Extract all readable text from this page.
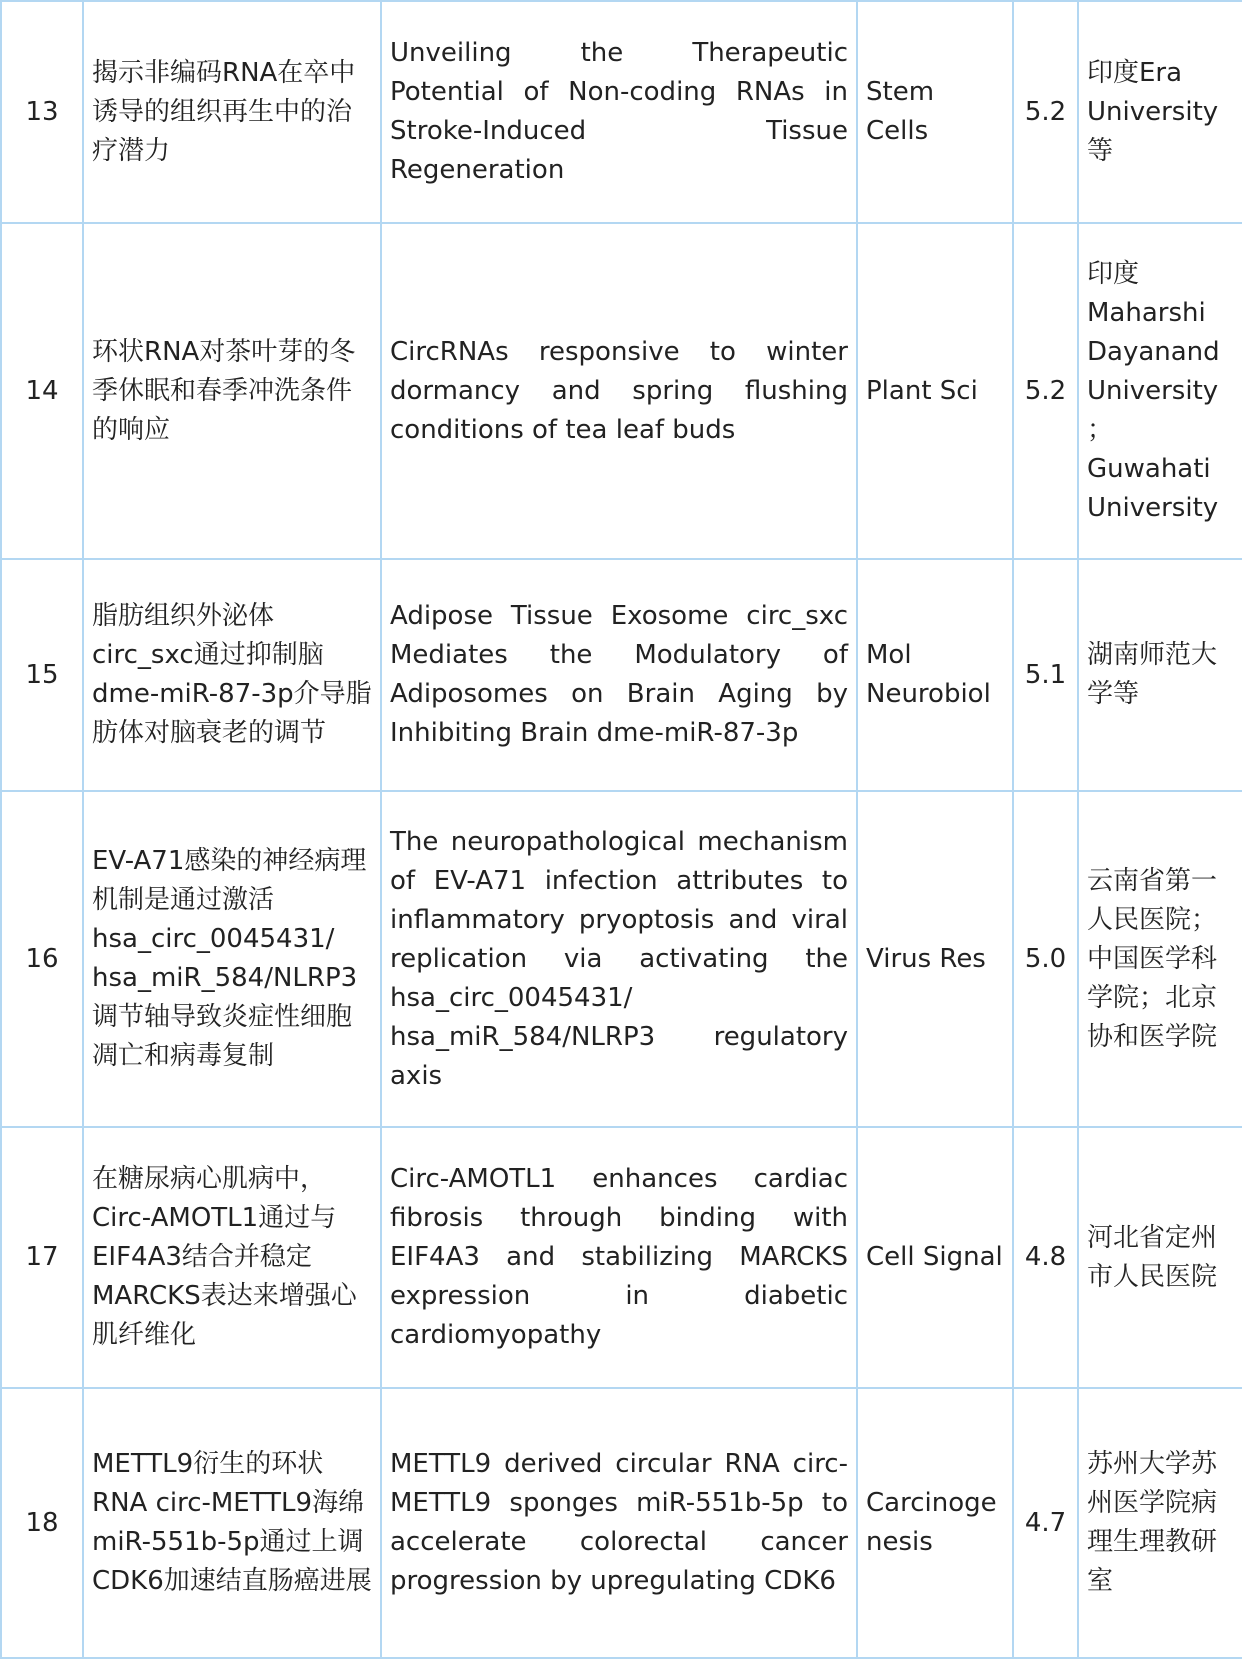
13	揭示非编码RNA在卒中诱导的组织再生中的治疗潜力	Unveiling the Therapeutic Potential of Non-coding RNAs in Stroke-Induced Tissue Regeneration	Stem Cells	5.2	印度Era University等
14	环状RNA对茶叶芽的冬季休眠和春季冲洗条件的响应	CircRNAs responsive to winter dormancy and spring flushing conditions of tea leaf buds	Plant Sci	5.2	印度Maharshi Dayanand University；Guwahati University
15	脂肪组织外泌体circ_sxc通过抑制脑dme-miR-87-3p介导脂肪体对脑衰老的调节	Adipose Tissue Exosome circ_sxc Mediates the Modulatory of Adiposomes on Brain Aging by Inhibiting Brain dme-miR-87-3p	Mol Neurobiol	5.1	湖南师范大学等
16	EV-A71感染的神经病理机制是通过激活hsa_circ_0045431/ hsa_miR_584/NLRP3调节轴导致炎症性细胞凋亡和病毒复制	The neuropathological mechanism of EV-A71 infection attributes to inflammatory pryoptosis and viral replication via activating the hsa_circ_0045431/ hsa_miR_584/NLRP3 regulatory axis	Virus Res	5.0	云南省第一人民医院；中国医学科学院；北京协和医学院
17	在糖尿病心肌病中，Circ-AMOTL1通过与EIF4A3结合并稳定MARCKS表达来增强心肌纤维化	Circ-AMOTL1 enhances cardiac fibrosis through binding with EIF4A3 and stabilizing MARCKS expression in diabetic cardiomyopathy	Cell Signal	4.8	河北省定州市人民医院
18	METTL9衍生的环状RNA circ-METTL9海绵miR-551b-5p通过上调CDK6加速结直肠癌进展	METTL9 derived circular RNA circ-METTL9 sponges miR-551b-5p to accelerate colorectal cancer progression by upregulating CDK6	Carcinogenesis	4.7	苏州大学苏州医学院病理生理教研室
